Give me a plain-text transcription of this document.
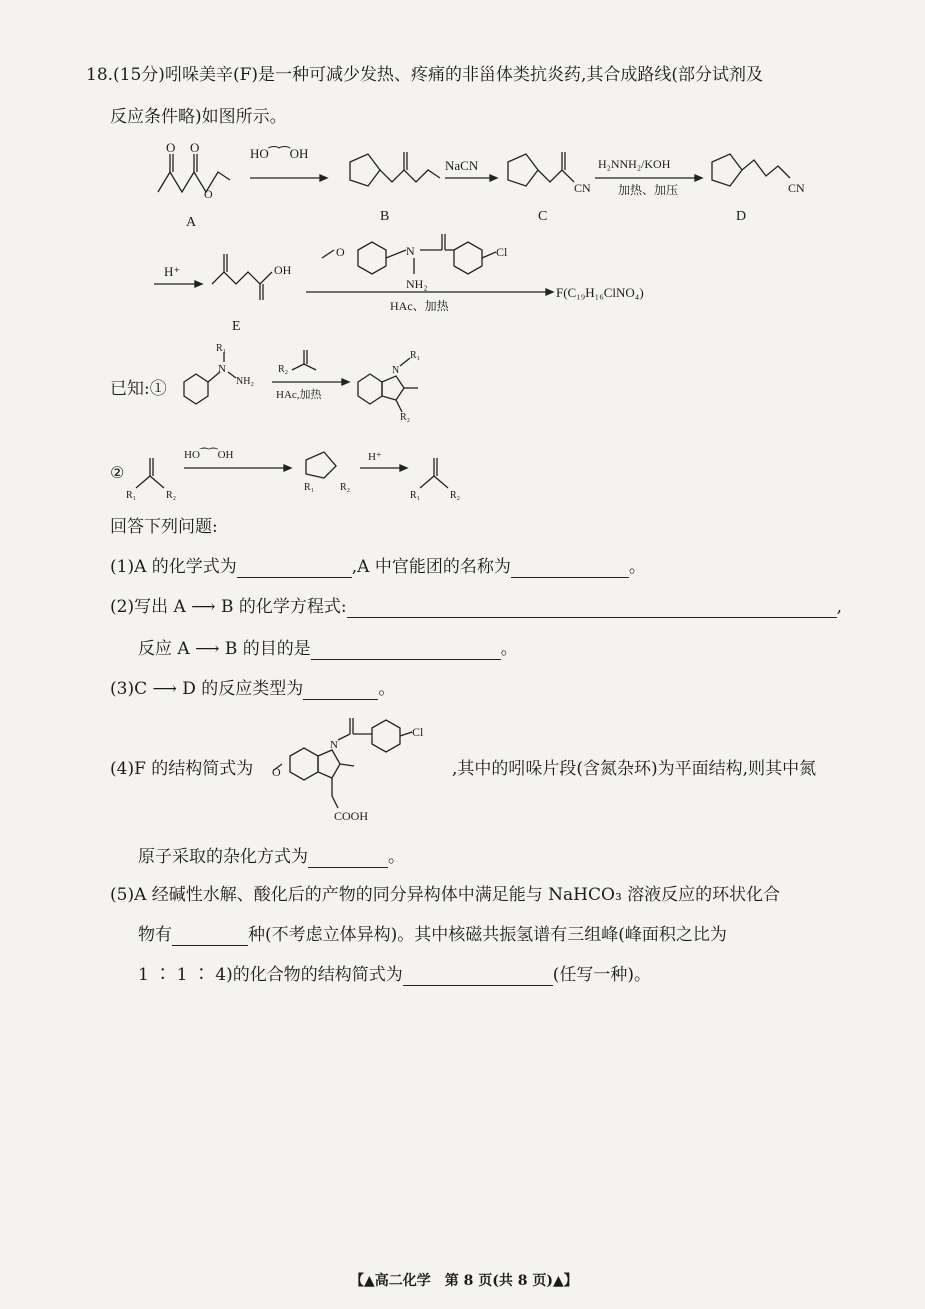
18.(15分)吲哚美辛(F)是一种可减少发热、疼痛的非甾体类抗炎药,其合成路线(部分试剂及
反应条件略)如图所示。
O O
O
A
HO⁀⁀OH
B
NaCN
CN
C
H₂NNH₂/KOH
加热、加压	CN
D
H⁺	OH
E
O	N
NH₂
Cl
HAc、加热
F(C₁₉H₁₆ClNO₄)
已知:①
N
R₁
NH₂
R₂
HAc,加热
N
R₁
R₂
②
R₁	R₂
HO⁀⁀OH
R₁	R₂
H⁺
R₁	R₂
回答下列问题:
(1)A 的化学式为	,A 中官能团的名称为	。
(2)写出 A ⟶ B 的化学方程式:	,
反应 A ⟶ B 的目的是	。
(3)C ⟶ D 的反应类型为	。
(4)F 的结构简式为 O
COOH
N
Cl
,其中的吲哚片段(含氮杂环)为平面结构,则其中氮
原子采取的杂化方式为	。
(5)A 经碱性水解、酸化后的产物的同分异构体中满足能与 NaHCO₃ 溶液反应的环状化合
物有	种(不考虑立体异构)。其中核磁共振氢谱有三组峰(峰面积之比为
1 ∶ 1 ∶ 4)的化合物的结构简式为	(任写一种)。
【▲高二化学　第 8 页(共 8 页)▲】
